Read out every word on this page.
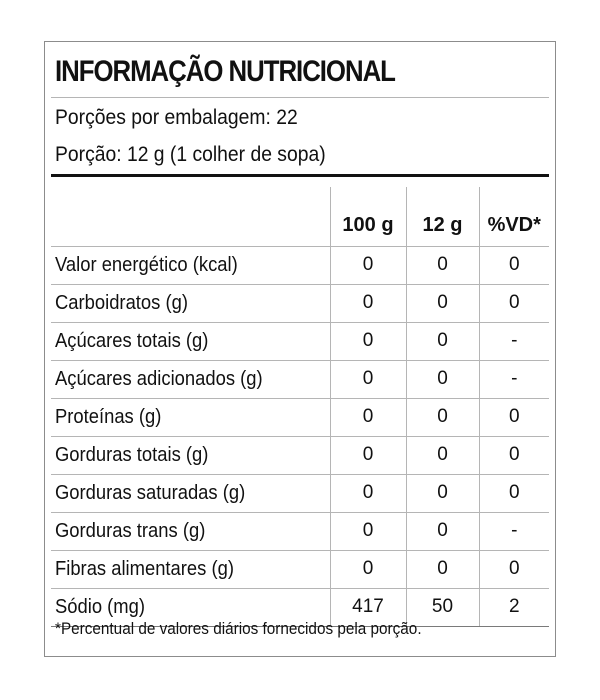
INFORMAÇÃO NUTRICIONAL
Porções por embalagem: 22
Porção: 12 g (1 colher de sopa)
	100 g	12 g	%VD*
Valor energético (kcal)	0	0	0
Carboidratos (g)	0	0	0
Açúcares totais (g)	0	0	-
Açúcares adicionados (g)	0	0	-
Proteínas (g)	0	0	0
Gorduras totais (g)	0	0	0
Gorduras saturadas (g)	0	0	0
Gorduras trans (g)	0	0	-
Fibras alimentares (g)	0	0	0
Sódio (mg)	417	50	2
*Percentual de valores diários fornecidos pela porção.
